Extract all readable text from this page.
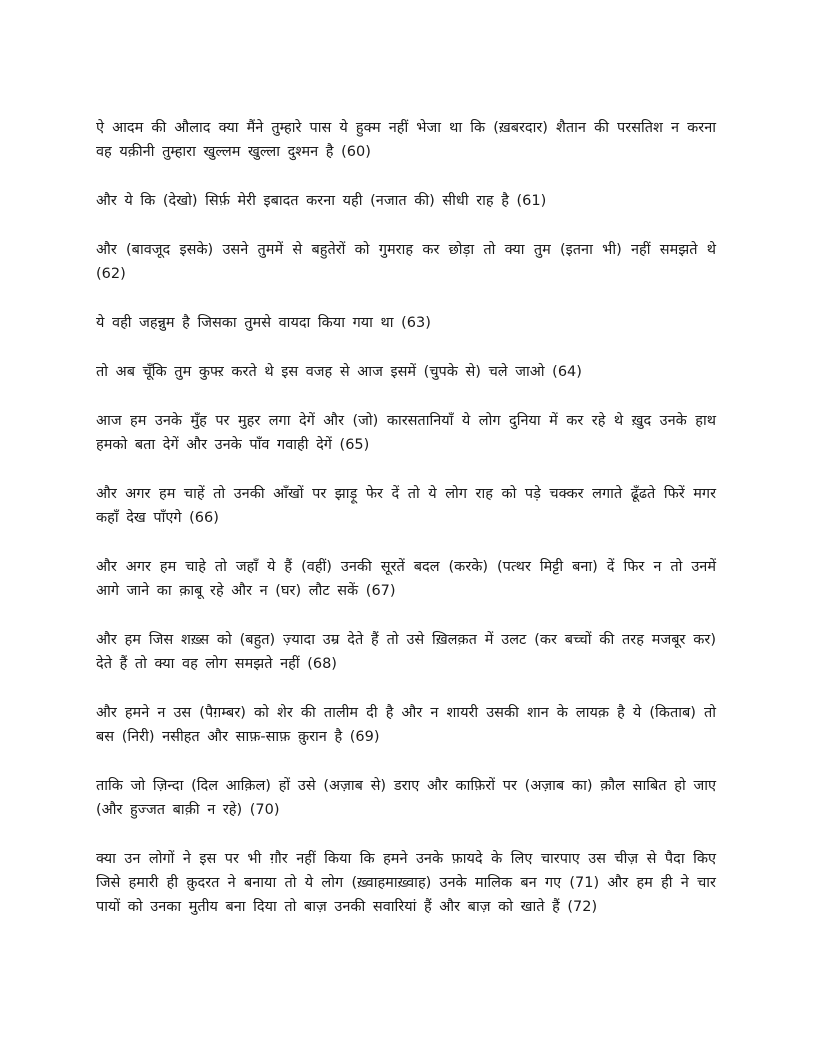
ऐ आदम की औलाद क्या मैंने तुम्हारे पास ये हुक्म नहीं भेजा था कि (ख़बरदार) शैतान की परसतिश न करना वह यक़ीनी तुम्हारा खुल्लम खुल्ला दुश्मन है (60)

और ये कि (देखो) सिर्फ़ मेरी इबादत करना यही (नजात की) सीधी राह है (61)

और (बावजूद इसके) उसने तुममें से बहुतेरों को गुमराह कर छोड़ा तो क्या तुम (इतना भी) नहीं समझते थे (62)

ये वही जहन्नुम है जिसका तुमसे वायदा किया गया था (63)

तो अब चूँकि तुम कुफ्ऱ करते थे इस वजह से आज इसमें (चुपके से) चले जाओ (64)

आज हम उनके मुँह पर मुहर लगा देगें और (जो) कारसतानियाँ ये लोग दुनिया में कर रहे थे ख़ुद उनके हाथ हमको बता देगें और उनके पाँव गवाही देगें (65)

और अगर हम चाहें तो उनकी आँखों पर झाड़ू फेर दें तो ये लोग राह को पड़े चक्कर लगाते ढूँढते फिरें मगर कहाँ देख पाँएगे (66)

और अगर हम चाहे तो जहाँ ये हैं (वहीं) उनकी सूरतें बदल (करके) (पत्थर मिट्टी बना) दें फिर न तो उनमें आगे जाने का क़ाबू रहे और न (घर) लौट सकें (67)

और हम जिस शख़्स को (बहुत) ज़्यादा उम्र देते हैं तो उसे ख़िलक़त में उलट (कर बच्चों की तरह मजबूर कर) देते हैं तो क्या वह लोग समझते नहीं (68)

और हमने न उस (पैग़म्बर) को शेर की तालीम दी है और न शायरी उसकी शान के लायक़ है ये (किताब) तो बस (निरी) नसीहत और साफ़-साफ़ क़ुरान है (69)

ताकि जो ज़िन्दा (दिल आक़िल) हों उसे (अज़ाब से) डराए और काफ़िरों पर (अज़ाब का) क़ौल साबित हो जाए (और हुज्जत बाक़ी न रहे) (70)

क्या उन लोगों ने इस पर भी ग़ौर नहीं किया कि हमने उनके फ़ायदे के लिए चारपाए उस चीज़ से पैदा किए जिसे हमारी ही क़ुदरत ने बनाया तो ये लोग (ख़्वाहमाख़्वाह) उनके मालिक बन गए (71) और हम ही ने चार पायों को उनका मुतीय बना दिया तो बाज़ उनकी सवारियां हैं और बाज़ को खाते हैं (72)
